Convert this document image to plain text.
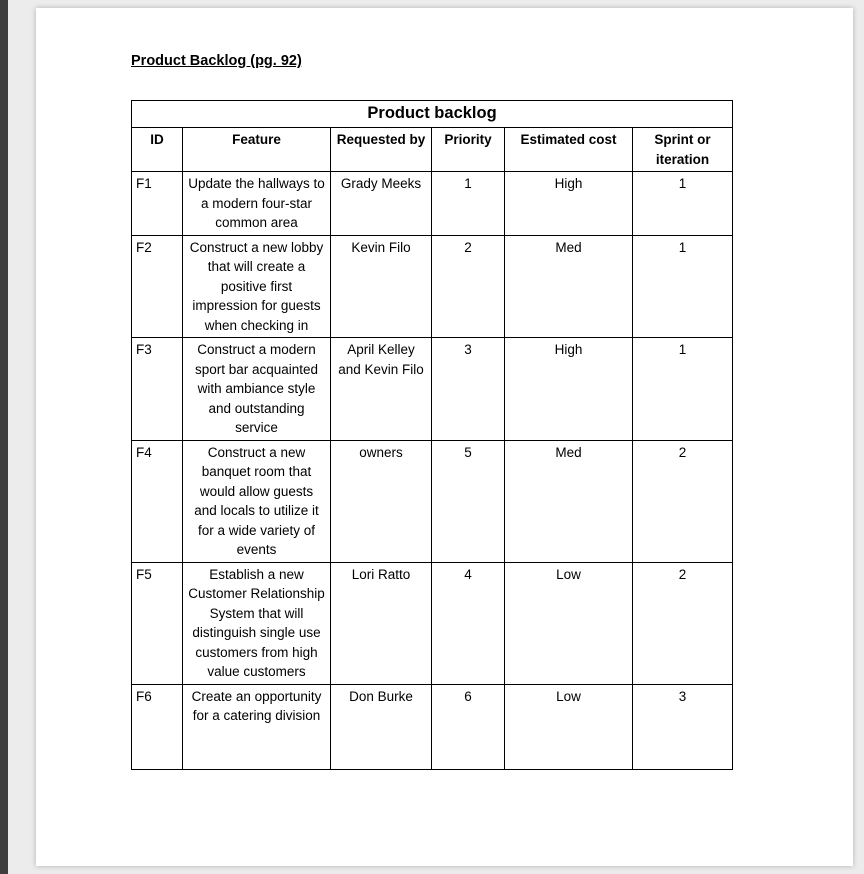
Product Backlog (pg. 92)
Product backlog					
ID	Feature	Requested by	Priority	Estimated cost	Sprint or iteration
F1	Update the hallways to a modern four-star common area	Grady Meeks	1	High	1
F2	Construct a new lobby that will create a positive first impression for guests when checking in	Kevin Filo	2	Med	1
F3	Construct a modern sport bar acquainted with ambiance style and outstanding service	April Kelley and Kevin Filo	3	High	1
F4	Construct a new banquet room that would allow guests and locals to utilize it for a wide variety of events	owners	5	Med	2
F5	Establish a new Customer Relationship System that will distinguish single use customers from high value customers	Lori Ratto	4	Low	2
F6	Create an opportunity for a catering division	Don Burke	6	Low	3
